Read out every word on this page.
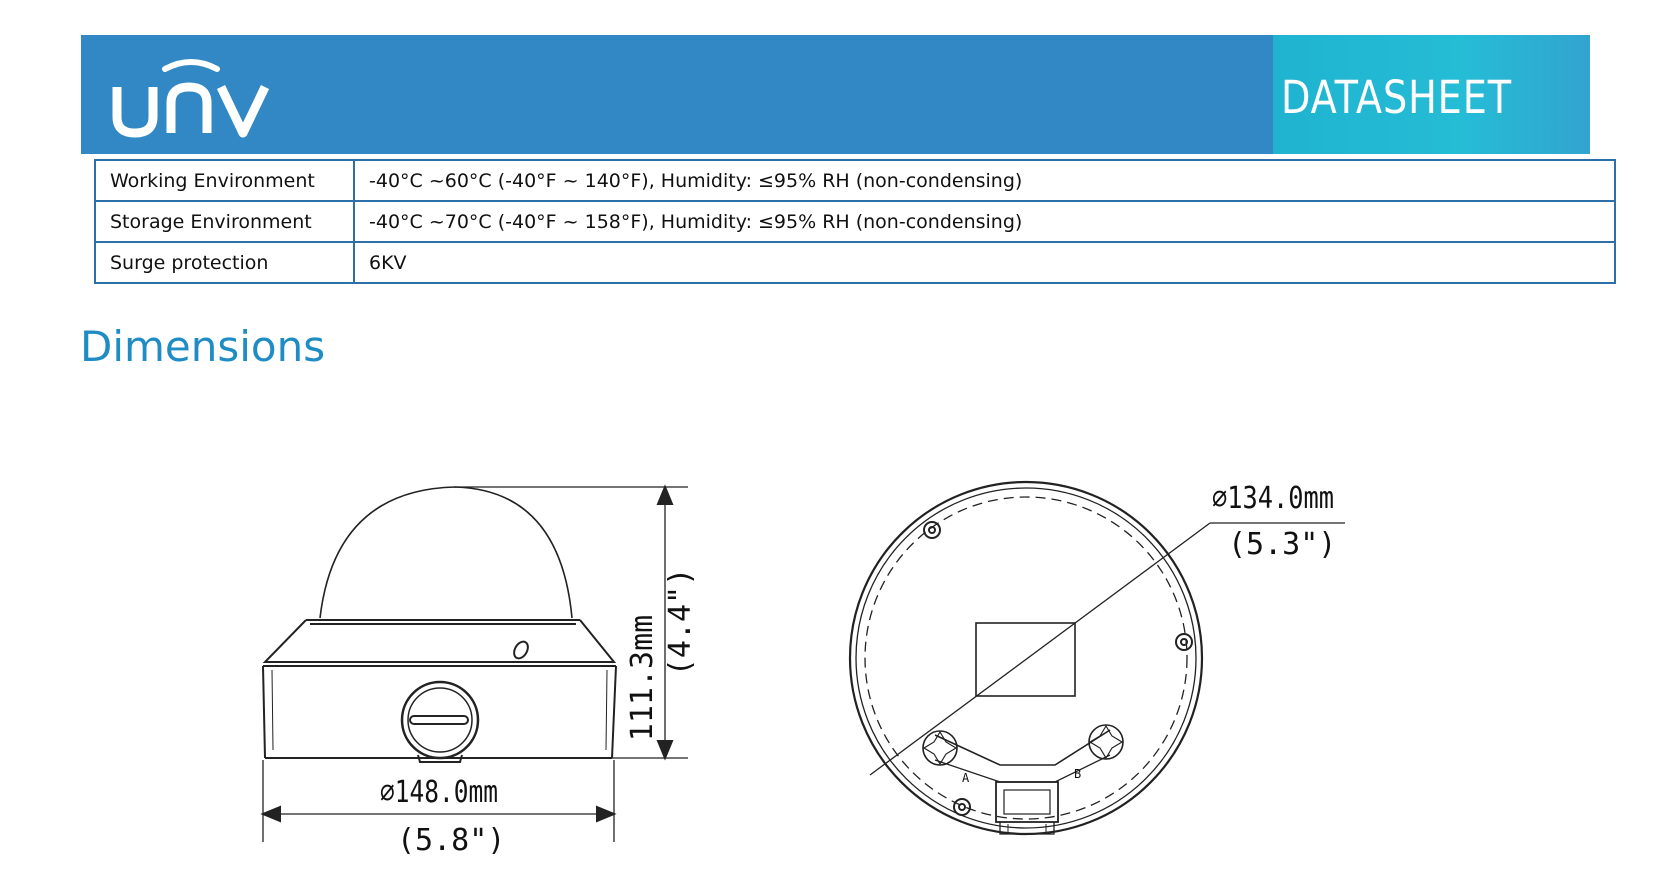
DATASHEET
Working Environment	-40°C ~60°C (-40°F ~ 140°F), Humidity: ≤95% RH (non-condensing)
Storage Environment	-40°C ~70°C (-40°F ~ 158°F), Humidity: ≤95% RH (non-condensing)
Surge protection	6KV
Dimensions
111.3mm (4.4")
⌀148.0mm
(5.8")
⌀134.0mm
(5.3")
A	B
